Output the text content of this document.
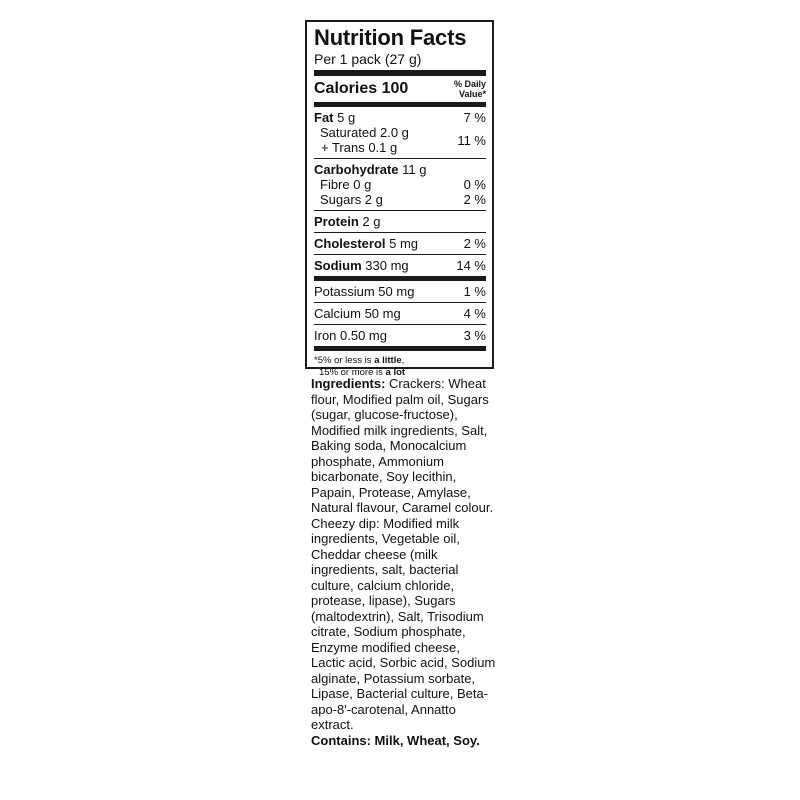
Nutrition Facts
Per 1 pack (27 g)
Calories 100	% Daily
Value*
Fat 5 g	7 %
Saturated 2.0 g
+ Trans 0.1 g	11 %
Carbohydrate 11 g
Fibre 0 g	0 %
Sugars 2 g	2 %
Protein 2 g
Cholesterol 5 mg	2 %
Sodium 330 mg	14 %
Potassium 50 mg	1 %
Calcium 50 mg	4 %
Iron 0.50 mg	3 %
*5% or less is a little,
15% or more is a lot
Ingredients: Crackers: Wheat flour, Modified palm oil, Sugars (sugar, glucose-fructose), Modified milk ingredients, Salt, Baking soda, Monocalcium phosphate, Ammonium bicarbonate, Soy lecithin, Papain, Protease, Amylase, Natural flavour, Caramel colour. Cheezy dip: Modified milk ingredients, Vegetable oil, Cheddar cheese (milk ingredients, salt, bacterial culture, calcium chloride, protease, lipase), Sugars (maltodextrin), Salt, Trisodium citrate, Sodium phosphate, Enzyme modified cheese, Lactic acid, Sorbic acid, Sodium alginate, Potassium sorbate, Lipase, Bacterial culture, Beta-apo-8'-carotenal, Annatto extract.
Contains: Milk, Wheat, Soy.
